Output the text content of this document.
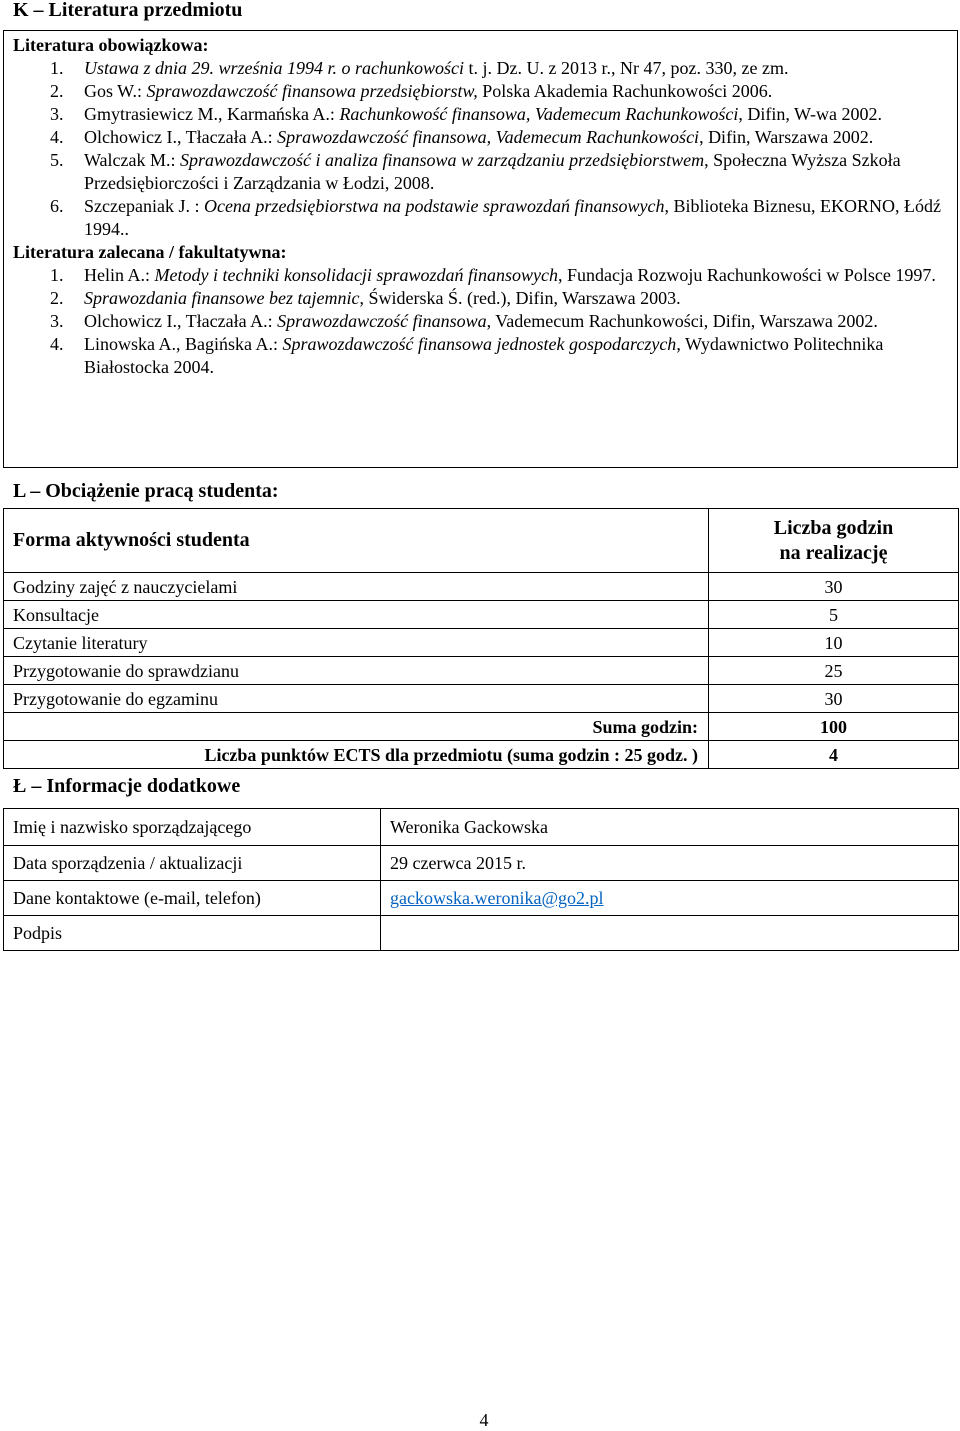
K – Literatura przedmiotu
Literatura obowiązkowa:
1. Ustawa z dnia 29. września 1994 r. o rachunkowości t. j. Dz. U. z 2013 r., Nr 47, poz. 330, ze zm.
2. Gos W.: Sprawozdawczość finansowa przedsiębiorstw, Polska Akademia Rachunkowości 2006.
3. Gmytrasiewicz M., Karmańska A.: Rachunkowość finansowa, Vademecum Rachunkowości, Difin, W-wa 2002.
4. Olchowicz I., Tłaczała A.: Sprawozdawczość finansowa, Vademecum Rachunkowości, Difin, Warszawa 2002.
5. Walczak M.: Sprawozdawczość i analiza finansowa w zarządzaniu przedsiębiorstwem, Społeczna Wyższa Szkoła Przedsiębiorczości i Zarządzania w Łodzi, 2008.
6. Szczepaniak J. : Ocena przedsiębiorstwa na podstawie sprawozdań finansowych, Biblioteka Biznesu, EKORNO, Łódź 1994..
Literatura zalecana / fakultatywna:
1. Helin A.: Metody i techniki konsolidacji sprawozdań finansowych, Fundacja Rozwoju Rachunkowości w Polsce 1997.
2. Sprawozdania finansowe bez tajemnic, Świderska Ś. (red.), Difin, Warszawa 2003.
3. Olchowicz I., Tłaczała A.: Sprawozdawczość finansowa, Vademecum Rachunkowości, Difin, Warszawa 2002.
4. Linowska A., Bagińska A.: Sprawozdawczość finansowa jednostek gospodarczych, Wydawnictwo Politechnika Białostocka 2004.
L – Obciążenie pracą studenta:
Forma aktywności studenta	Liczba godzin
na realizację

Godziny zajęć z nauczycielami	30
Konsultacje	5
Czytanie literatury	10
Przygotowanie do sprawdzianu	25
Przygotowanie do egzaminu	30
Suma godzin:	100
Liczba punktów ECTS dla przedmiotu (suma godzin : 25 godz. )	4
Ł – Informacje dodatkowe
Imię i nazwisko sporządzającego	Weronika Gackowska
Data sporządzenia / aktualizacji	29 czerwca 2015 r.
Dane kontaktowe (e-mail, telefon)	gackowska.weronika@go2.pl
Podpis	
4
